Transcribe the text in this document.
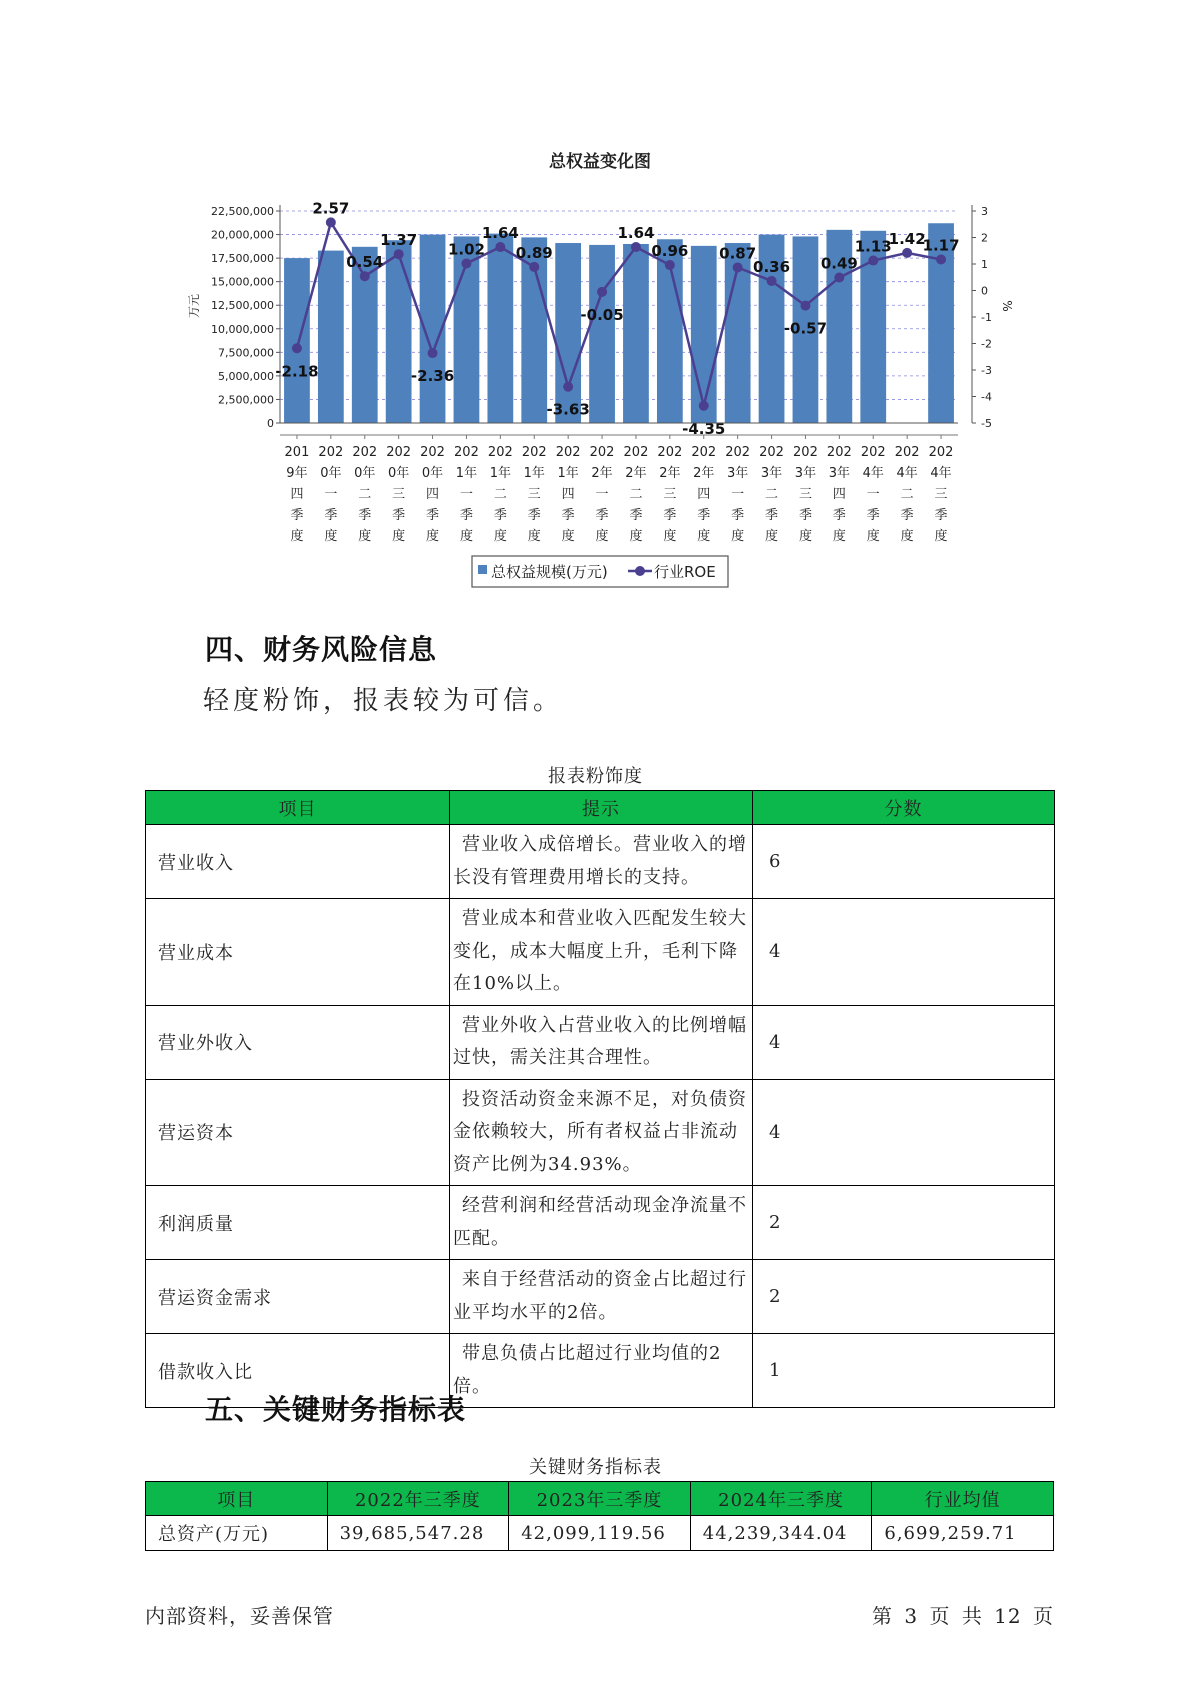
总权益变化图
万元	%
-2.18
2.57
0.54
1.37
-2.36
1.02
1.64
0.89
-3.63
-0.05
1.64
0.96
-4.35
0.87
0.36
-0.57
0.49
1.13
1.42
1.17
0
2,500,000
5,000,000
7,500,000
10,000,000
12,500,000
15,000,000
17,500,000
20,000,000
22,500,000
-5
-4
-3
-2
-1
0
1
2
3
201
9年
四
季
度
202
0年
一
季
度
202
0年
二
季
度
202
0年
三
季
度
202
0年
四
季
度
202
1年
一
季
度
202
1年
二
季
度
202
1年
三
季
度
202
1年
四
季
度
202
2年
一
季
度
202
2年
二
季
度
202
2年
三
季
度
202
2年
四
季
度
202
3年
一
季
度
202
3年
二
季
度
202
3年
三
季
度
202
3年
四
季
度
202
4年
一
季
度
202
4年
二
季
度
202
4年
三
季
度
总权益规模(万元)	行业ROE
四、财务风险信息
轻度粉饰，报表较为可信。
报表粉饰度
项目	提示	分数
营业收入	营业收入成倍增长。营业收入的增长没有管理费用增长的支持。	6
营业成本	营业成本和营业收入匹配发生较大变化，成本大幅度上升，毛利下降在10%以上。	4
营业外收入	营业外收入占营业收入的比例增幅过快，需关注其合理性。	4
营运资本	投资活动资金来源不足，对负债资金依赖较大，所有者权益占非流动资产比例为34.93%。	4
利润质量	经营利润和经营活动现金净流量不匹配。	2
营运资金需求	来自于经营活动的资金占比超过行业平均水平的2倍。	2
借款收入比	带息负债占比超过行业均值的2倍。	1
五、关键财务指标表
关键财务指标表
项目	2022年三季度	2023年三季度	2024年三季度	行业均值
总资产(万元)	39,685,547.28	42,099,119.56	44,239,344.04	6,699,259.71
内部资料，妥善保管	第 3 页 共 12 页
